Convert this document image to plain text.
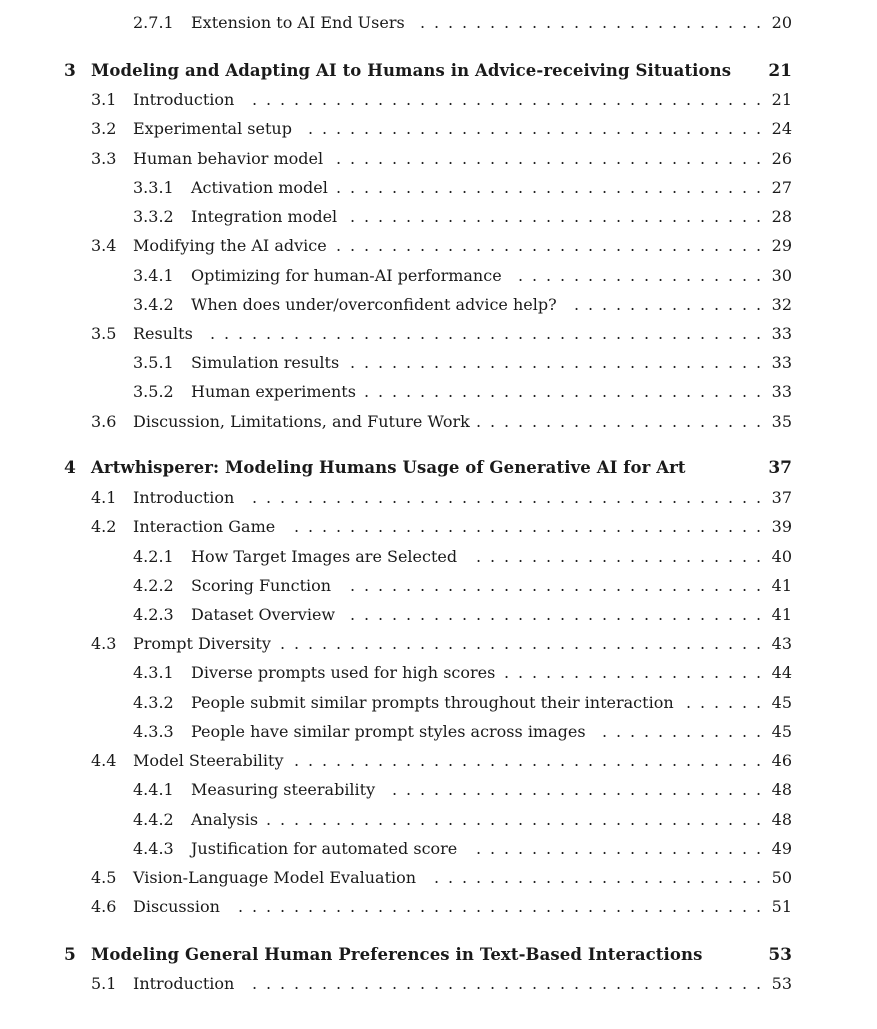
2.7.1 Extension to AI End Users	20
. . . . . . . . . . . . . . . . . . . . . . . . .
3 Modeling and Adapting AI to Humans in Advice-receiving Situations 21
3.1 Introduction	21
. . . . . . . . . . . . . . . . . . . . . . . . . . . . . . . . . . . . .
3.2 Experimental setup	24
. . . . . . . . . . . . . . . . . . . . . . . . . . . . . . . . .
3.3 Human behavior model	26
. . . . . . . . . . . . . . . . . . . . . . . . . . . . . . .
3.3.1 Activation model	27
. . . . . . . . . . . . . . . . . . . . . . . . . . . . . . .
3.3.2 Integration model	28
. . . . . . . . . . . . . . . . . . . . . . . . . . . . . .
3.4 Modifying the AI advice	29
. . . . . . . . . . . . . . . . . . . . . . . . . . . . . . .
3.4.1 Optimizing for human-AI performance	30
. . . . . . . . . . . . . . . . . .
3.4.2 When does under/overconfident advice help?	32
. . . . . . . . . . . . . .
3.5 Results	33
. . . . . . . . . . . . . . . . . . . . . . . . . . . . . . . . . . . . . . . .
3.5.1 Simulation results	33
. . . . . . . . . . . . . . . . . . . . . . . . . . . . . .
3.5.2 Human experiments	33
. . . . . . . . . . . . . . . . . . . . . . . . . . . . .
3.6 Discussion, Limitations, and Future Work	35
. . . . . . . . . . . . . . . . . . . . .
4 Artwhisperer: Modeling Humans Usage of Generative AI for Art	37
4.1 Introduction	37
. . . . . . . . . . . . . . . . . . . . . . . . . . . . . . . . . . . . .
4.2 Interaction Game	39
. . . . . . . . . . . . . . . . . . . . . . . . . . . . . . . . . .
4.2.1 How Target Images are Selected	40
. . . . . . . . . . . . . . . . . . . . .
4.2.2 Scoring Function	41
. . . . . . . . . . . . . . . . . . . . . . . . . . . . . .
4.2.3 Dataset Overview	41
. . . . . . . . . . . . . . . . . . . . . . . . . . . . . .
4.3 Prompt Diversity	43
. . . . . . . . . . . . . . . . . . . . . . . . . . . . . . . . . . .
4.3.1 Diverse prompts used for high scores	44
. . . . . . . . . . . . . . . . . . .
4.3.2 People submit similar prompts throughout their interaction	45
. . . . . .
4.3.3 People have similar prompt styles across images	45
. . . . . . . . . . . .
4.4 Model Steerability	46
. . . . . . . . . . . . . . . . . . . . . . . . . . . . . . . . . .
4.4.1 Measuring steerability	48
. . . . . . . . . . . . . . . . . . . . . . . . . . .
4.4.2 Analysis	48
. . . . . . . . . . . . . . . . . . . . . . . . . . . . . . . . . . . .
4.4.3 Justification for automated score	49
. . . . . . . . . . . . . . . . . . . . .
4.5 Vision-Language Model Evaluation	50
. . . . . . . . . . . . . . . . . . . . . . . .
4.6 Discussion	51
. . . . . . . . . . . . . . . . . . . . . . . . . . . . . . . . . . . . . .
5 Modeling General Human Preferences in Text-Based Interactions	53
5.1 Introduction	53
. . . . . . . . . . . . . . . . . . . . . . . . . . . . . . . . . . . . .
